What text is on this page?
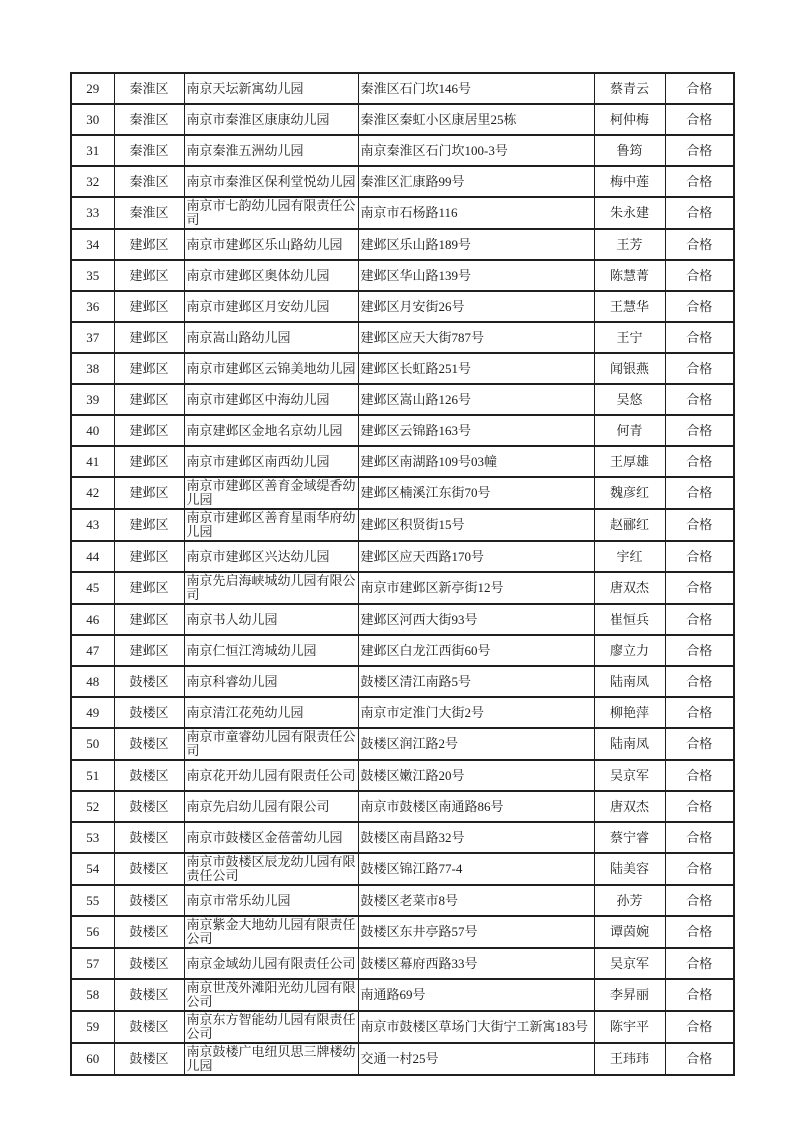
29	秦淮区	南京天坛新寓幼儿园	秦淮区石门坎146号	蔡青云	合格
30	秦淮区	南京市秦淮区康康幼儿园	秦淮区秦虹小区康居里25栋	柯仲梅	合格
31	秦淮区	南京秦淮五洲幼儿园	南京秦淮区石门坎100-3号	鲁筠	合格
32	秦淮区	南京市秦淮区保利堂悦幼儿园	秦淮区汇康路99号	梅中莲	合格
33	秦淮区	南京市七韵幼儿园有限责任公司	南京市石杨路116	朱永建	合格
34	建邺区	南京市建邺区乐山路幼儿园	建邺区乐山路189号	王芳	合格
35	建邺区	南京市建邺区奥体幼儿园	建邺区华山路139号	陈慧菁	合格
36	建邺区	南京市建邺区月安幼儿园	建邺区月安街26号	王慧华	合格
37	建邺区	南京嵩山路幼儿园	建邺区应天大街787号	王宁	合格
38	建邺区	南京市建邺区云锦美地幼儿园	建邺区长虹路251号	闻银燕	合格
39	建邺区	南京市建邺区中海幼儿园	建邺区嵩山路126号	吴悠	合格
40	建邺区	南京建邺区金地名京幼儿园	建邺区云锦路163号	何青	合格
41	建邺区	南京市建邺区南西幼儿园	建邺区南湖路109号03幢	王厚雄	合格
42	建邺区	南京市建邺区善育金域缇香幼儿园	建邺区楠溪江东街70号	魏彦红	合格
43	建邺区	南京市建邺区善育星雨华府幼儿园	建邺区积贤街15号	赵郦红	合格
44	建邺区	南京市建邺区兴达幼儿园	建邺区应天西路170号	宇红	合格
45	建邺区	南京先启海峡城幼儿园有限公司	南京市建邺区新亭街12号	唐双杰	合格
46	建邺区	南京书人幼儿园	建邺区河西大街93号	崔恒兵	合格
47	建邺区	南京仁恒江湾城幼儿园	建邺区白龙江西街60号	廖立力	合格
48	鼓楼区	南京科睿幼儿园	鼓楼区清江南路5号	陆南凤	合格
49	鼓楼区	南京清江花苑幼儿园	南京市定淮门大街2号	柳艳萍	合格
50	鼓楼区	南京市童睿幼儿园有限责任公司	鼓楼区润江路2号	陆南凤	合格
51	鼓楼区	南京花开幼儿园有限责任公司	鼓楼区嫩江路20号	吴京军	合格
52	鼓楼区	南京先启幼儿园有限公司	南京市鼓楼区南通路86号	唐双杰	合格
53	鼓楼区	南京市鼓楼区金蓓蕾幼儿园	鼓楼区南昌路32号	蔡宁睿	合格
54	鼓楼区	南京市鼓楼区辰龙幼儿园有限责任公司	鼓楼区锦江路77-4	陆美容	合格
55	鼓楼区	南京市常乐幼儿园	鼓楼区老菜市8号	孙芳	合格
56	鼓楼区	南京紫金大地幼儿园有限责任公司	鼓楼区东井亭路57号	谭茵婉	合格
57	鼓楼区	南京金域幼儿园有限责任公司	鼓楼区幕府西路33号	吴京军	合格
58	鼓楼区	南京世茂外滩阳光幼儿园有限公司	南通路69号	李昇丽	合格
59	鼓楼区	南京东方智能幼儿园有限责任公司	南京市鼓楼区草场门大街宁工新寓183号	陈宇平	合格
60	鼓楼区	南京鼓楼广电纽贝思三牌楼幼儿园	交通一村25号	王玮玮	合格
